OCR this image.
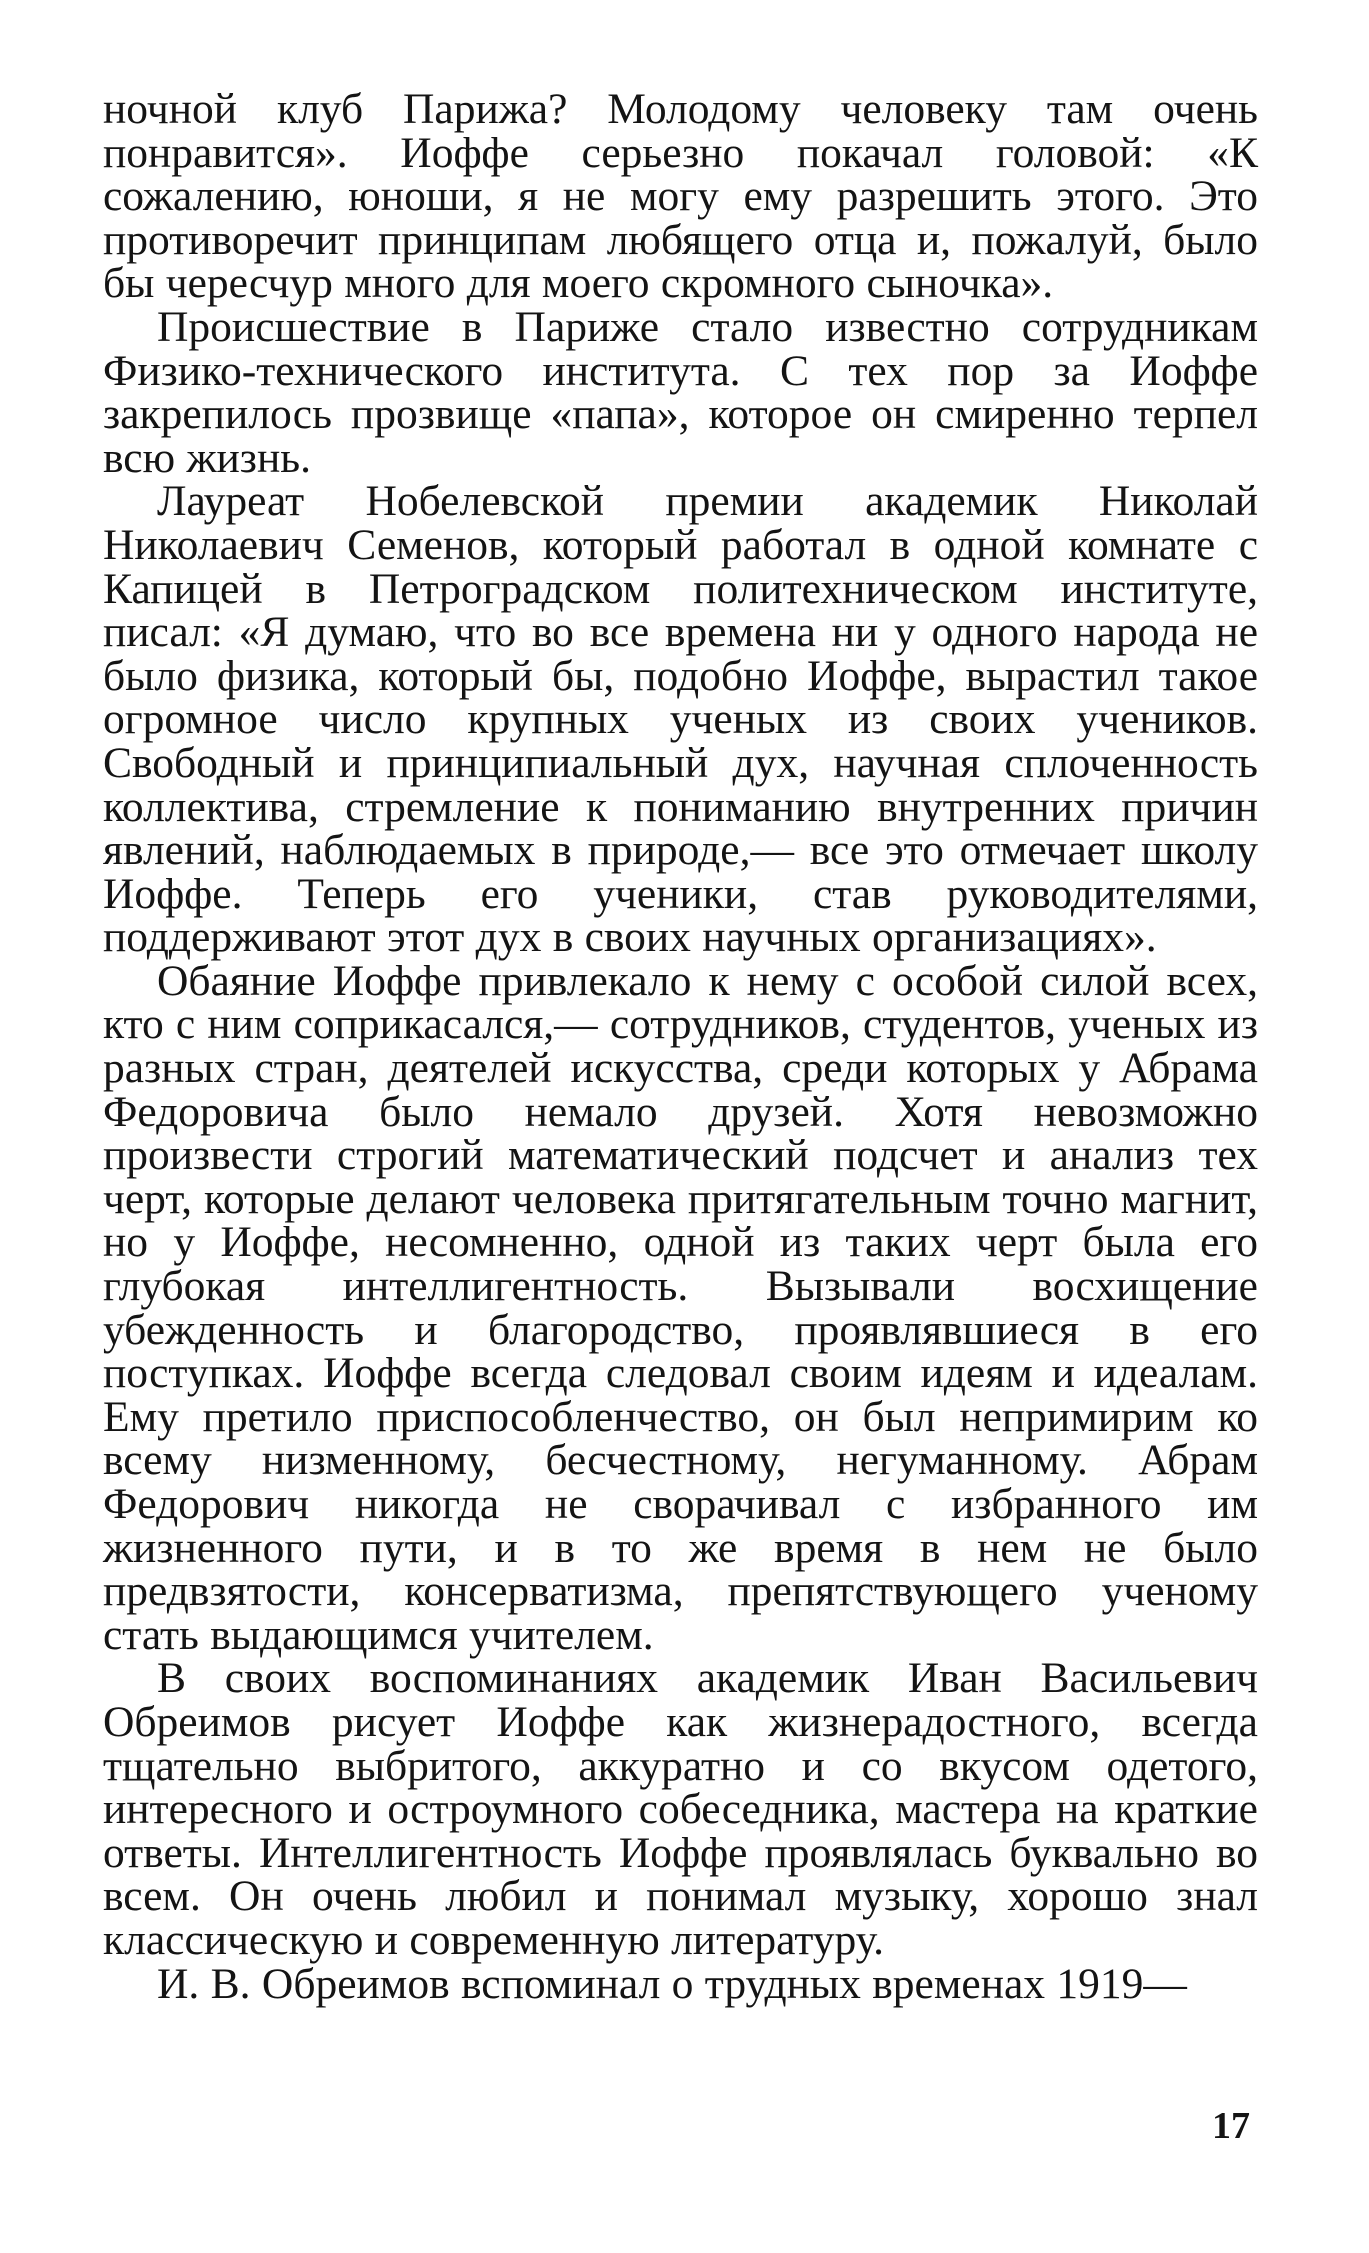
ночной клуб Парижа? Молодому человеку там очень понравится». Иоффе серьезно покачал головой: «К сожалению, юноши, я не могу ему разрешить этого. Это противоречит принципам любящего отца и, пожалуй, было бы чересчур много для моего скромного сыночка».

Происшествие в Париже стало известно сотрудникам Физико-технического института. С тех пор за Иоффе закрепилось прозвище «папа», которое он смиренно терпел всю жизнь.

Лауреат Нобелевской премии академик Николай Николаевич Семенов, который работал в одной комнате с Капицей в Петроградском политехническом институте, писал: «Я думаю, что во все времена ни у одного народа не было физика, который бы, подобно Иоффе, вырастил такое огромное число крупных ученых из своих учеников. Свободный и принципиальный дух, научная сплоченность коллектива, стремление к пониманию внутренних причин явлений, наблюдаемых в природе,— все это отмечает школу Иоффе. Теперь его ученики, став руководителями, поддерживают этот дух в своих научных организациях».

Обаяние Иоффе привлекало к нему с особой силой всех, кто с ним соприкасался,— сотрудников, студентов, ученых из разных стран, деятелей искусства, среди которых у Абрама Федоровича было немало друзей. Хотя невозможно произвести строгий математический подсчет и анализ тех черт, которые делают человека притягательным точно магнит, но у Иоффе, несомненно, одной из таких черт была его глубокая интеллигентность. Вызывали восхищение убежденность и благородство, проявлявшиеся в его поступках. Иоффе всегда следовал своим идеям и идеалам. Ему претило приспособленчество, он был непримирим ко всему низменному, бесчестному, негуманному. Абрам Федорович никогда не сворачивал с избранного им жизненного пути, и в то же время в нем не было предвзятости, консерватизма, препятствующего ученому стать выдающимся учителем.

В своих воспоминаниях академик Иван Васильевич Обреимов рисует Иоффе как жизнерадостного, всегда тщательно выбритого, аккуратно и со вкусом одетого, интересного и остроумного собеседника, мастера на краткие ответы. Интеллигентность Иоффе проявлялась буквально во всем. Он очень любил и понимал музыку, хорошо знал классическую и современную литературу.

И. В. Обреимов вспоминал о трудных временах 1919—

17
